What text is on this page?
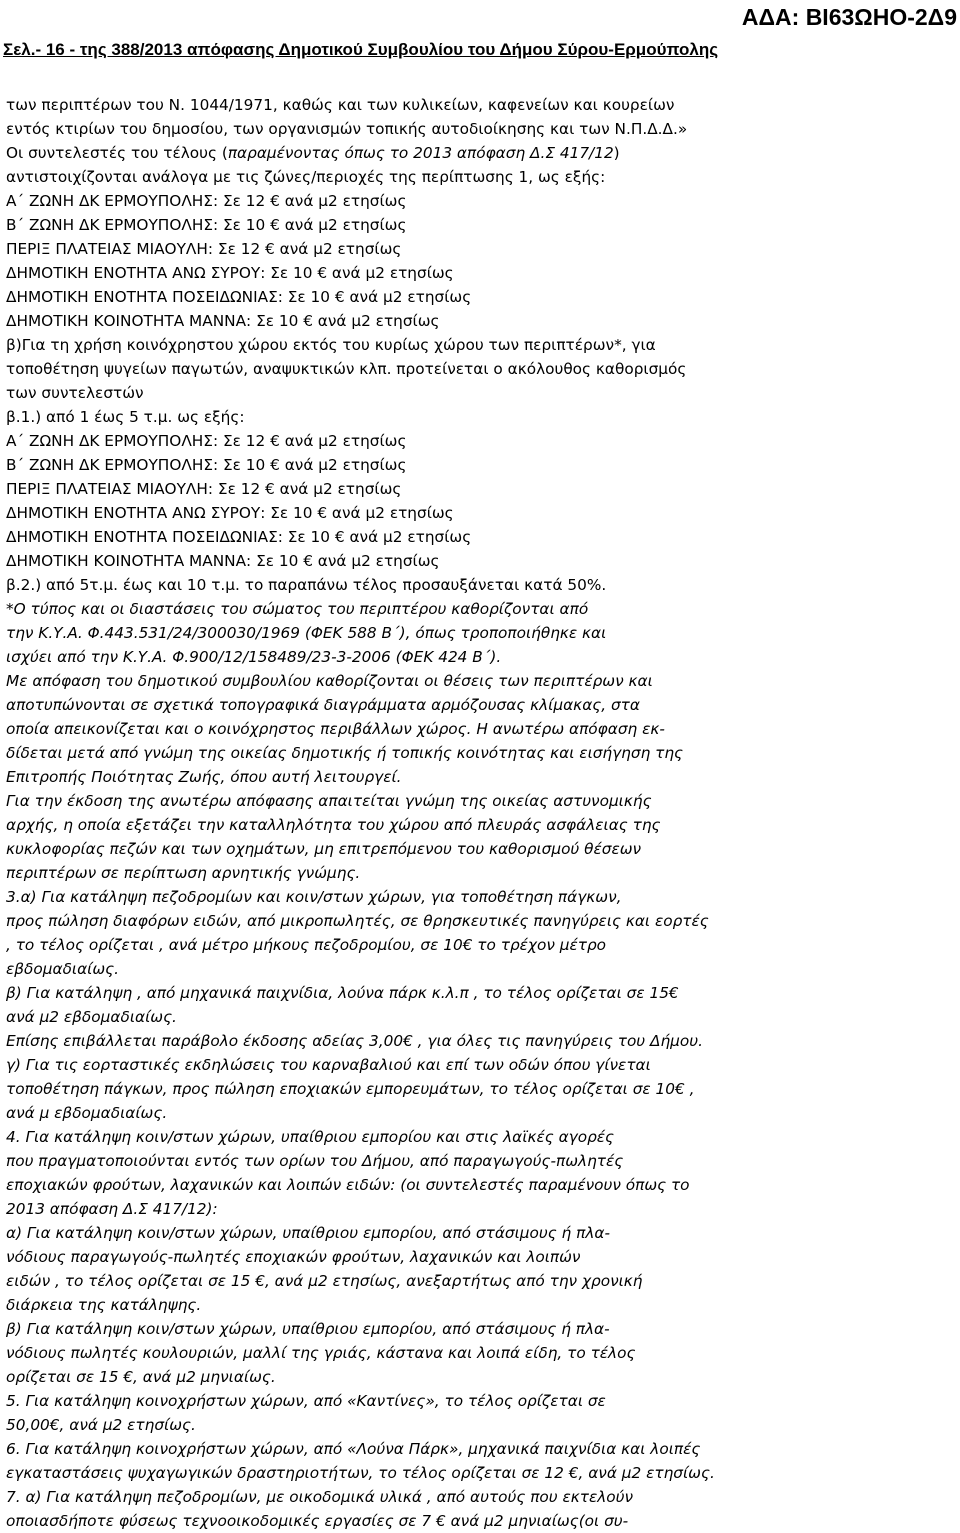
ΑΔΑ: ΒΙ63ΩΗΟ-2Δ9
Σελ.- 16 - της 388/2013 απόφασης Δημοτικού Συμβουλίου του Δήμου Σύρου-Ερμούπολης
των περιπτέρων του Ν. 1044/1971, καθώς και των κυλικείων, καφενείων και κουρείων
εντός κτιρίων του δημοσίου, των οργανισμών τοπικής αυτοδιοίκησης και των Ν.Π.Δ.Δ.»
Οι συντελεστές του τέλους (παραμένοντας όπως το 2013 απόφαση Δ.Σ 417/12)
αντιστοιχίζονται ανάλογα με τις ζώνες/περιοχές της περίπτωσης 1, ως εξής:
Α΄ ΖΩΝΗ ΔΚ ΕΡΜΟΥΠΟΛΗΣ: Σε 12 € ανά μ2 ετησίως
Β΄ ΖΩΝΗ ΔΚ ΕΡΜΟΥΠΟΛΗΣ: Σε 10 € ανά μ2 ετησίως
ΠΕΡΙΞ ΠΛΑΤΕΙΑΣ ΜΙΑΟΥΛΗ: Σε 12 € ανά μ2 ετησίως
ΔΗΜΟΤΙΚΗ ΕΝΟΤΗΤΑ ΑΝΩ ΣΥΡΟΥ: Σε 10 € ανά μ2 ετησίως
ΔΗΜΟΤΙΚΗ ΕΝΟΤΗΤΑ ΠΟΣΕΙΔΩΝΙΑΣ: Σε 10 € ανά μ2 ετησίως
ΔΗΜΟΤΙΚΗ ΚΟΙΝΟΤΗΤΑ ΜΑΝΝΑ: Σε 10 € ανά μ2 ετησίως
β)Για τη χρήση κοινόχρηστου χώρου εκτός του κυρίως χώρου των περιπτέρων*, για
τοποθέτηση ψυγείων παγωτών, αναψυκτικών κλπ. προτείνεται ο ακόλουθος καθορισμός
των συντελεστών
β.1.) από 1 έως 5 τ.μ. ως εξής:
Α΄ ΖΩΝΗ ΔΚ ΕΡΜΟΥΠΟΛΗΣ: Σε 12 € ανά μ2 ετησίως
Β΄ ΖΩΝΗ ΔΚ ΕΡΜΟΥΠΟΛΗΣ: Σε 10 € ανά μ2 ετησίως
ΠΕΡΙΞ ΠΛΑΤΕΙΑΣ ΜΙΑΟΥΛΗ: Σε 12 € ανά μ2 ετησίως
ΔΗΜΟΤΙΚΗ ΕΝΟΤΗΤΑ ΑΝΩ ΣΥΡΟΥ: Σε 10 € ανά μ2 ετησίως
ΔΗΜΟΤΙΚΗ ΕΝΟΤΗΤΑ ΠΟΣΕΙΔΩΝΙΑΣ: Σε 10 € ανά μ2 ετησίως
ΔΗΜΟΤΙΚΗ ΚΟΙΝΟΤΗΤΑ ΜΑΝΝΑ: Σε 10 € ανά μ2 ετησίως
β.2.) από 5τ.μ. έως και 10 τ.μ. το παραπάνω τέλος προσαυξάνεται κατά 50%.
*Ο τύπος και οι διαστάσεις του σώματος του περιπτέρου καθορίζονται από
την Κ.Υ.Α. Φ.443.531/24/300030/1969 (ΦΕΚ 588 Β΄), όπως τροποποιήθηκε και
ισχύει από την Κ.Υ.Α. Φ.900/12/158489/23-3-2006 (ΦΕΚ 424 Β΄).
Με απόφαση του δημοτικού συμβουλίου καθορίζονται οι θέσεις των περιπτέρων και
αποτυπώνονται σε σχετικά τοπογραφικά διαγράμματα αρμόζουσας κλίμακας, στα
οποία απεικονίζεται και ο κοινόχρηστος περιβάλλων χώρος. Η ανωτέρω απόφαση εκ-
δίδεται μετά από γνώμη της οικείας δημοτικής ή τοπικής κοινότητας και εισήγηση της
Επιτροπής Ποιότητας Ζωής, όπου αυτή λειτουργεί.
Για την έκδοση της ανωτέρω απόφασης απαιτείται γνώμη της οικείας αστυνομικής
αρχής, η οποία εξετάζει την καταλληλότητα του χώρου από πλευράς ασφάλειας της
κυκλοφορίας πεζών και των οχημάτων, μη επιτρεπόμενου του καθορισμού θέσεων
περιπτέρων σε περίπτωση αρνητικής γνώμης.
3.α) Για κατάληψη πεζοδρομίων και κοιν/στων χώρων, για τοποθέτηση πάγκων,
προς πώληση διαφόρων ειδών, από μικροπωλητές, σε θρησκευτικές πανηγύρεις και εορτές
, το τέλος ορίζεται , ανά μέτρο μήκους πεζοδρομίου, σε 10€ το τρέχον μέτρο
εβδομαδιαίως.
β) Για κατάληψη , από μηχανικά παιχνίδια, λούνα πάρκ κ.λ.π , το τέλος ορίζεται σε 15€
ανά μ2 εβδομαδιαίως.
Επίσης επιβάλλεται παράβολο έκδοσης αδείας 3,00€ , για όλες τις πανηγύρεις του Δήμου.
γ) Για τις εορταστικές εκδηλώσεις του καρναβαλιού και επί των οδών όπου γίνεται
τοποθέτηση πάγκων, προς πώληση εποχιακών εμπορευμάτων, το τέλος ορίζεται σε 10€ ,
ανά μ εβδομαδιαίως.
4. Για κατάληψη κοιν/στων χώρων, υπαίθριου εμπορίου και στις λαϊκές αγορές
που πραγματοποιούνται εντός των ορίων του Δήμου, από παραγωγούς-πωλητές
εποχιακών φρούτων, λαχανικών και λοιπών ειδών: (οι συντελεστές παραμένουν όπως το
2013 απόφαση Δ.Σ 417/12):
α) Για κατάληψη κοιν/στων χώρων, υπαίθριου εμπορίου, από στάσιμους ή πλα-
νόδιους παραγωγούς-πωλητές εποχιακών φρούτων, λαχανικών και λοιπών
ειδών , το τέλος ορίζεται σε 15 €, ανά μ2 ετησίως, ανεξαρτήτως από την χρονική
διάρκεια της κατάληψης.
β) Για κατάληψη κοιν/στων χώρων, υπαίθριου εμπορίου, από στάσιμους ή πλα-
νόδιους πωλητές κουλουριών, μαλλί της γριάς, κάστανα και λοιπά είδη, το τέλος
ορίζεται σε 15 €, ανά μ2 μηνιαίως.
5. Για κατάληψη κοινοχρήστων χώρων, από «Καντίνες», το τέλος ορίζεται σε
50,00€, ανά μ2 ετησίως.
6. Για κατάληψη κοινοχρήστων χώρων, από «Λούνα Πάρκ», μηχανικά παιχνίδια και λοιπές
εγκαταστάσεις ψυχαγωγικών δραστηριοτήτων, το τέλος ορίζεται σε 12 €, ανά μ2 ετησίως.
7. α) Για κατάληψη πεζοδρομίων, με οικοδομικά υλικά , από αυτούς που εκτελούν
οποιασδήποτε φύσεως τεχνοοικοδομικές εργασίες σε 7 € ανά μ2 μηνιαίως(οι συ-
